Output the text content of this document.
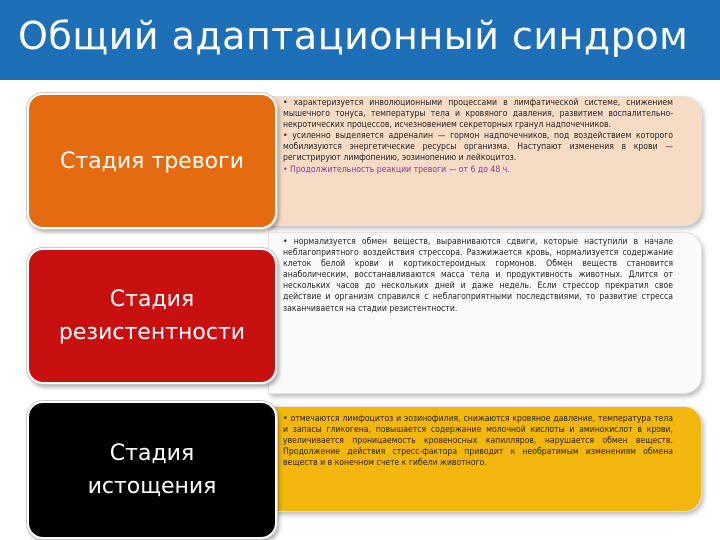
Общий адаптационный синдром
Стадия тревоги

• характеризуется инволюционными процессами в лимфатической системе, снижением мышечного тонуса, температуры тела и кровяного давления, развитием воспалительно-некротических процессов, исчезновением секреторных гранул надпочечников.

• усиленно выделяется адреналин — гормон надпочечников, под воздействием которого мобилизуются энергетические ресурсы организма. Наступают изменения в крови — регистрируют лимфопению, эозинопению и лейкоцитоз.

• Продолжительность реакции тревоги — от 6 до 48 ч.

Стадия
резистентности

• нормализуется обмен веществ, выравниваются сдвиги, которые наступили в начале неблагоприятного воздействия стрессора. Разжижается кровь, нормализуется содержание клеток белой крови и кортикостероидных гормонов. Обмен веществ становится анаболическим, восстанавливаются масса тела и продуктивность животных. Длится от нескольких часов до нескольких дней и даже недель. Если стрессор прекратил свое действие и организм справился с неблагоприятными последствиями, то развитие стресса заканчивается на стадии резистентности.

Стадия
истощения

• отмечаются лимфоцитоз и эозинофилия, снижаются кровяное давление, температура тела и запасы гликогена, повышается содержание молочной кислоты и аминокислот в крови, увеличивается проницаемость кровеносных капилляров, нарушается обмен веществ. Продолжение действия стресс-фактора приводит к необратимым изменениям обмена веществ и в конечном счете к гибели животного.
